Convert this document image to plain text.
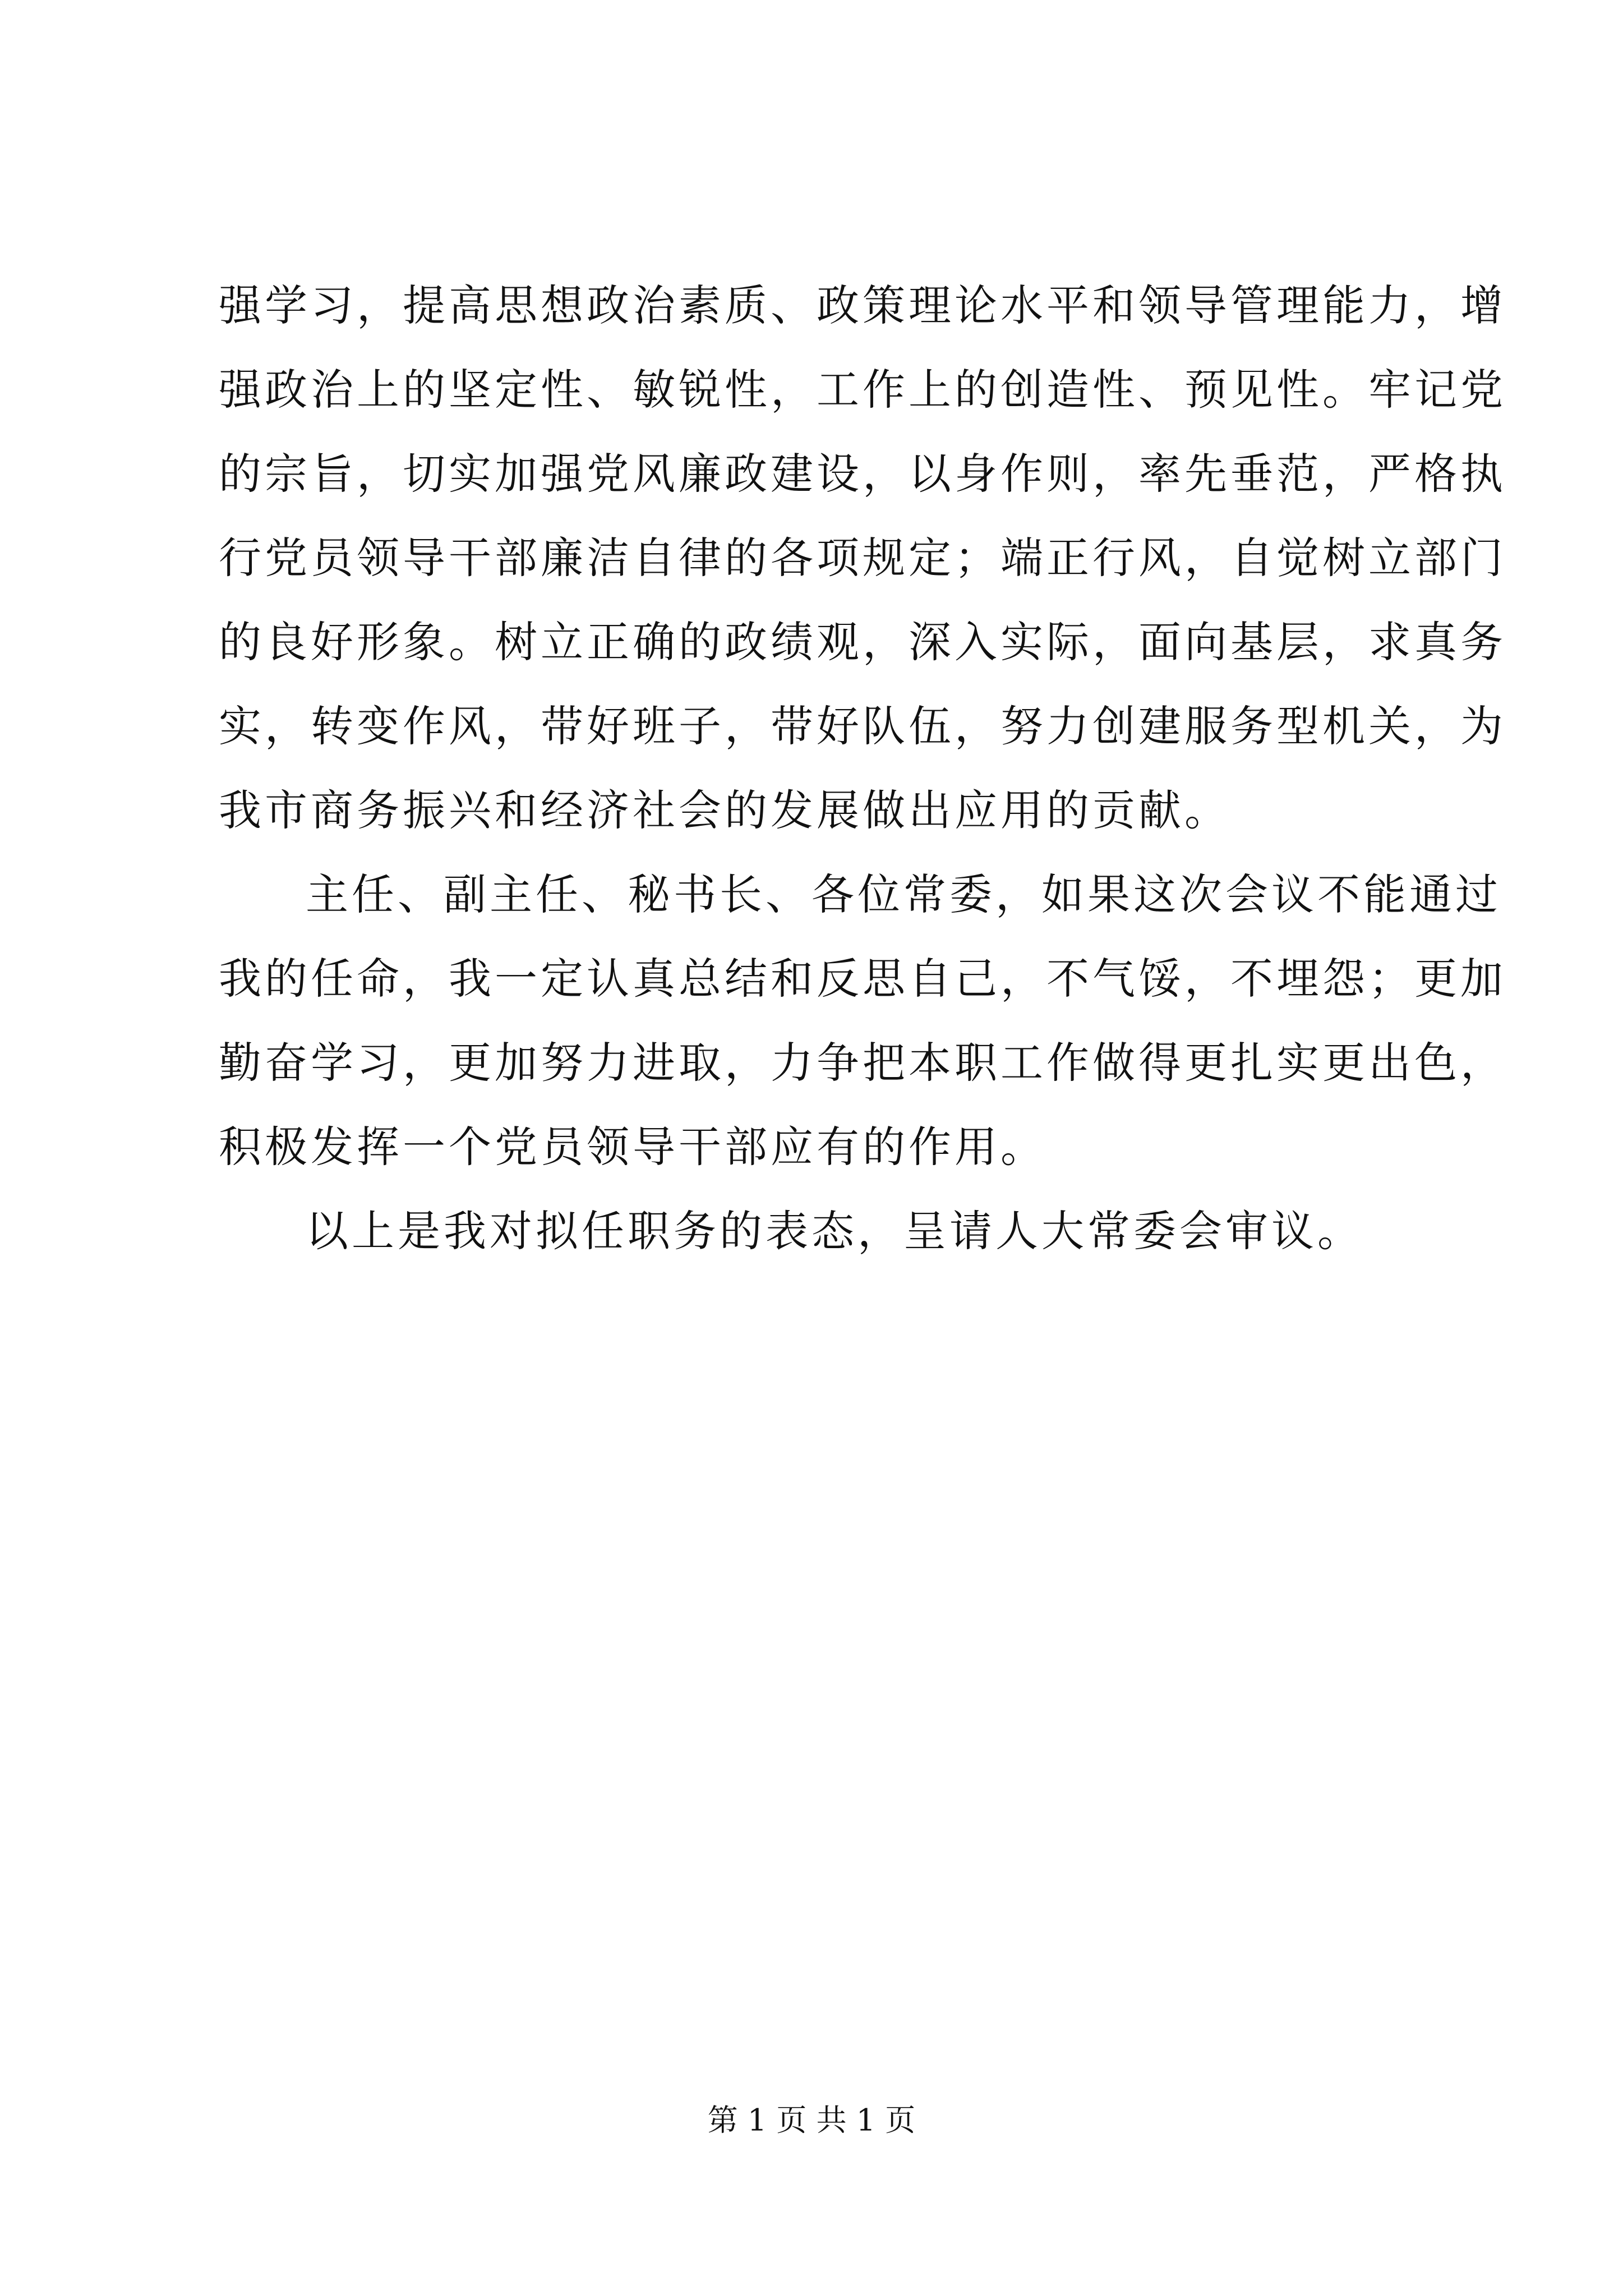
强学习，提高思想政治素质、政策理论水平和领导管理能力，增
强政治上的坚定性、敏锐性，工作上的创造性、预见性。牢记党
的宗旨，切实加强党风廉政建设，以身作则，率先垂范，严格执
行党员领导干部廉洁自律的各项规定；端正行风，自觉树立部门
的良好形象。树立正确的政绩观，深入实际，面向基层，求真务
实，转变作风，带好班子，带好队伍，努力创建服务型机关，为
我市商务振兴和经济社会的发展做出应用的贡献。
主任、副主任、秘书长、各位常委，如果这次会议不能通过
我的任命，我一定认真总结和反思自己，不气馁，不埋怨；更加
勤奋学习，更加努力进取，力争把本职工作做得更扎实更出色，
积极发挥一个党员领导干部应有的作用。
以上是我对拟任职务的表态，呈请人大常委会审议。
第 1 页 共 1 页
